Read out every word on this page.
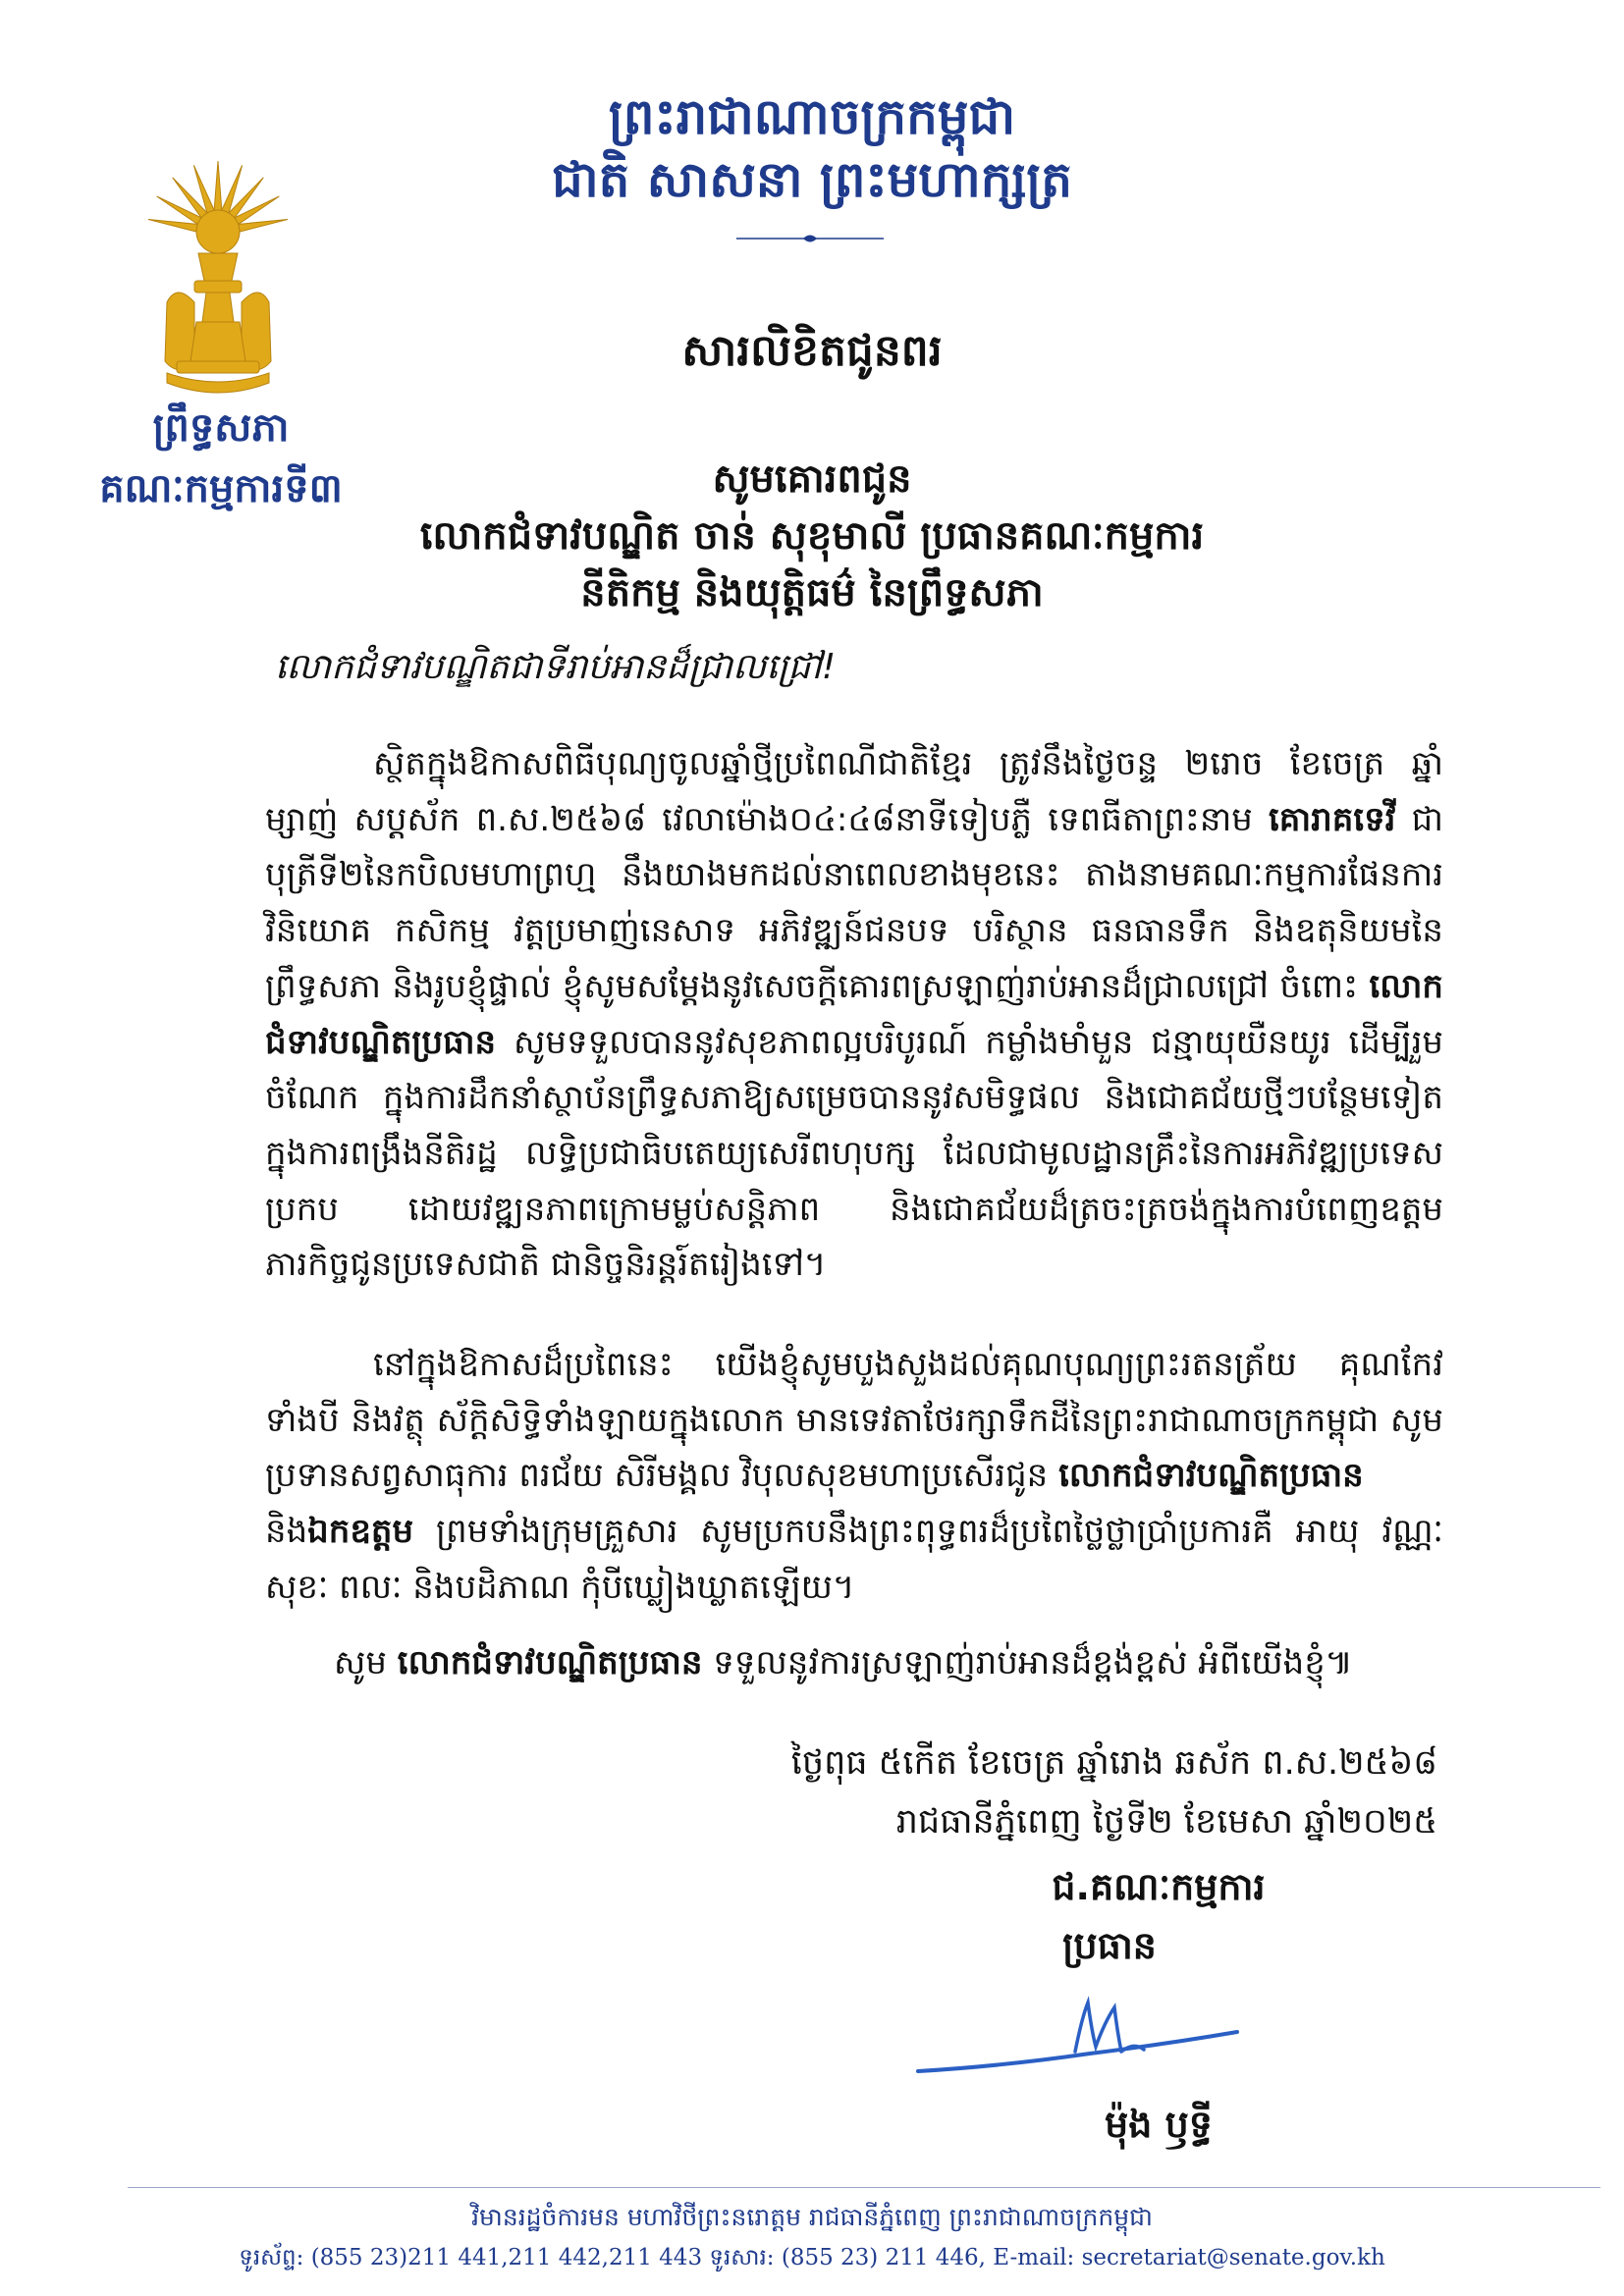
ព្រះរាជាណាចក្រកម្ពុជា
ជាតិ សាសនា ព្រះមហាក្សត្រ
ព្រឹទ្ធសភា
គណៈកម្មការទី៣
សារលិខិតជូនពរ
សូមគោរពជូន
លោកជំទាវបណ្ឌិត ចាន់ សុខុមាលី ប្រធានគណៈកម្មការ
នីតិកម្ម និងយុត្តិធម៌ នៃព្រឹទ្ធសភា
លោកជំទាវបណ្ឌិតជាទីរាប់អានដ៏ជ្រាលជ្រៅ!
ស្ថិតក្នុងឱកាសពិធីបុណ្យចូលឆ្នាំថ្មីប្រពៃណីជាតិខ្មែរ ត្រូវនឹងថ្ងៃចន្ទ ២រោច ខែចេត្រ ឆ្នាំម្សាញ់ សប្តស័ក ព.ស.២៥៦៨ វេលាម៉ោង០៤:៤៨នាទីទៀបភ្លឺ ទេពធីតាព្រះនាម គោរាគទេវី ជាបុត្រីទី២នៃកបិលមហាព្រហ្ម នឹងយាងមកដល់នាពេលខាងមុខនេះ តាងនាមគណៈកម្មការផែនការ វិនិយោគ កសិកម្ម វត្តប្រមាញ់នេសាទ អភិវឌ្ឍន៍ជនបទ បរិស្ថាន ធនធានទឹក និងឧតុនិយមនៃព្រឹទ្ធសភា និងរូបខ្ញុំផ្ទាល់ ខ្ញុំសូមសម្ដែងនូវសេចក្តីគោរពស្រឡាញ់រាប់អានដ៏ជ្រាលជ្រៅ ចំពោះ លោកជំទាវបណ្ឌិតប្រធាន សូមទទួលបាននូវសុខភាពល្អបរិបូរណ៍ កម្លាំងមាំមួន ជន្មាយុយឺនយូរ ដើម្បីរួមចំណែក ក្នុងការដឹកនាំស្ថាប័នព្រឹទ្ធសភាឱ្យសម្រេចបាននូវសមិទ្ធផល និងជោគជ័យថ្មីៗបន្ថែមទៀត ក្នុងការពង្រឹងនីតិរដ្ឋ លទ្ធិប្រជាធិបតេយ្យសេរីពហុបក្ស ដែលជាមូលដ្ឋានគ្រឹះនៃការអភិវឌ្ឍប្រទេសប្រកប ដោយវឌ្ឍនភាពក្រោមម្លប់សន្តិភាព និងជោគជ័យដ៏ត្រចះត្រចង់ក្នុងការបំពេញឧត្តមភារកិច្ចជូនប្រទេសជាតិ ជានិច្ចនិរន្តរ៍តរៀងទៅ។
នៅក្នុងឱកាសដ៏ប្រពៃនេះ យើងខ្ញុំសូមបួងសួងដល់គុណបុណ្យព្រះរតនត្រ័យ គុណកែវទាំងបី និងវត្ថុ ស័ក្តិសិទ្ធិទាំងឡាយក្នុងលោក មានទេវតាថែរក្សាទឹកដីនៃព្រះរាជាណាចក្រកម្ពុជា សូមប្រទានសព្វសាធុការ ពរជ័យ សិរីមង្គល វិបុលសុខមហាប្រសើរជូន លោកជំទាវបណ្ឌិតប្រធាន
និងឯកឧត្តម ព្រមទាំងក្រុមគ្រួសារ សូមប្រកបនឹងព្រះពុទ្ធពរដ៏ប្រពៃថ្លៃថ្លាប្រាំប្រការគឺ អាយុ វណ្ណៈ សុខៈ ពលៈ និងបដិភាណ កុំបីឃ្លៀងឃ្លាតឡើយ។
សូម លោកជំទាវបណ្ឌិតប្រធាន ទទួលនូវការស្រឡាញ់រាប់អានដ៏ខ្ពង់ខ្ពស់ អំពីយើងខ្ញុំ៕
ថ្ងៃពុធ ៥កើត ខែចេត្រ ឆ្នាំរោង ឆស័ក ព.ស.២៥៦៨
រាជធានីភ្នំពេញ ថ្ងៃទី២ ខែមេសា ឆ្នាំ២០២៥
ជ.គណៈកម្មការ
ប្រធាន
ម៉ុង ឫទ្ធី
វិមានរដ្ឋចំការមន មហាវិថីព្រះនរោត្តម រាជធានីភ្នំពេញ ព្រះរាជាណាចក្រកម្ពុជា
ទូរស័ព្ទ: (855 23)211 441,211 442,211 443 ទូរសារ: (855 23) 211 446, E-mail: secretariat@senate.gov.kh
